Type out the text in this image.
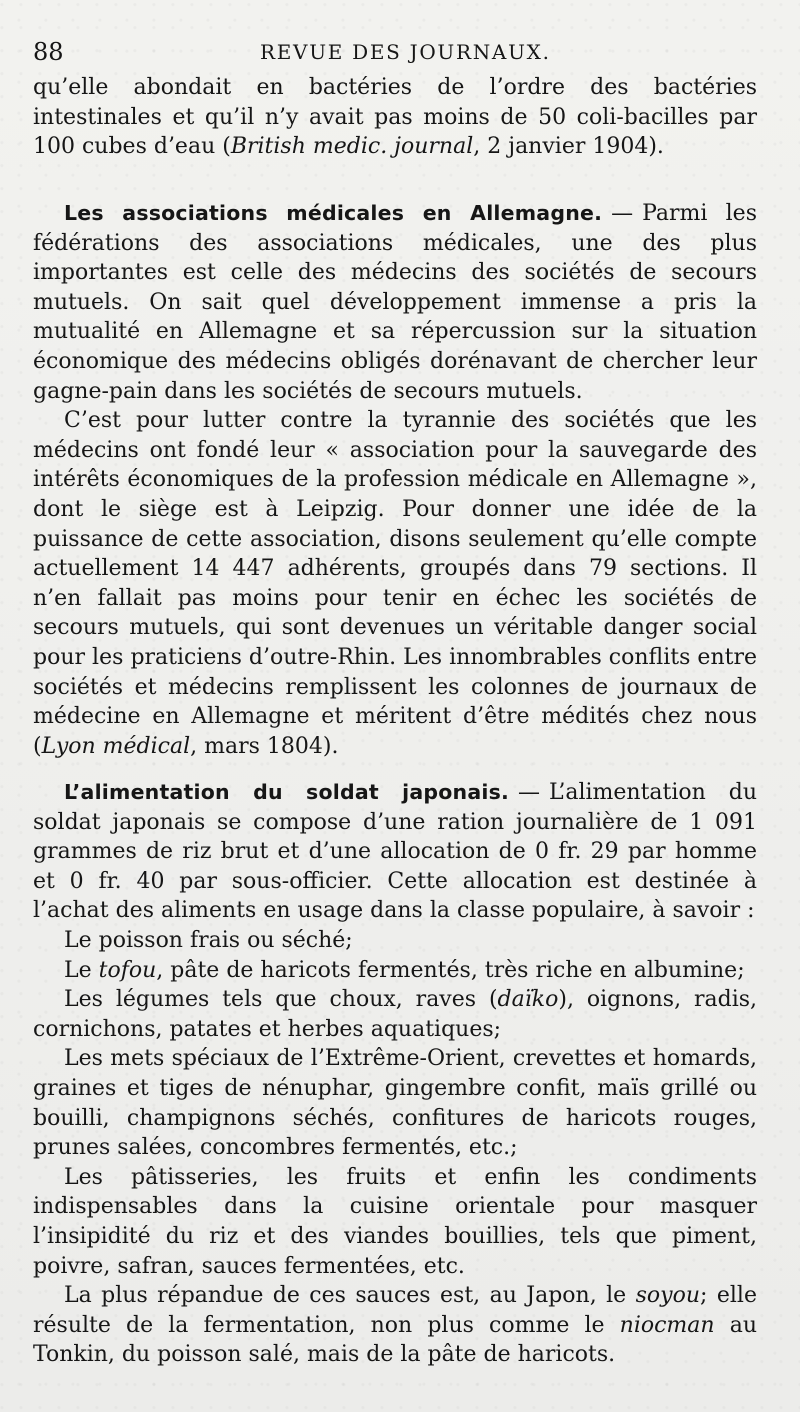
88	REVUE DES JOURNAUX.

qu’elle abondait en bactéries de l’ordre des bactéries intestinales et qu’il n’y avait pas moins de 50 coli-bacilles par 100 cubes d’eau (British medic. journal, 2 janvier 1904).

Les associations médicales en Allemagne. — Parmi les fédérations des associations médicales, une des plus importantes est celle des médecins des sociétés de secours mutuels. On sait quel développement immense a pris la mutualité en Allemagne et sa répercussion sur la situation économique des médecins obligés dorénavant de chercher leur gagne-pain dans les sociétés de secours mutuels.

C’est pour lutter contre la tyrannie des sociétés que les médecins ont fondé leur « association pour la sauvegarde des intérêts économiques de la profession médicale en Allemagne », dont le siège est à Leipzig. Pour donner une idée de la puissance de cette association, disons seulement qu’elle compte actuellement 14 447 adhérents, groupés dans 79 sections. Il n’en fallait pas moins pour tenir en échec les sociétés de secours mutuels, qui sont devenues un véritable danger social pour les praticiens d’outre-Rhin. Les innombrables conflits entre sociétés et médecins remplissent les colonnes de journaux de médecine en Allemagne et méritent d’être médités chez nous (Lyon médical, mars 1804).

L’alimentation du soldat japonais. — L’alimentation du soldat japonais se compose d’une ration journalière de 1 091 grammes de riz brut et d’une allocation de 0 fr. 29 par homme et 0 fr. 40 par sous-officier. Cette allocation est destinée à l’achat des aliments en usage dans la classe populaire, à savoir :

Le poisson frais ou séché;

Le tofou, pâte de haricots fermentés, très riche en albumine;

Les légumes tels que choux, raves (daïko), oignons, radis, cornichons, patates et herbes aquatiques;

Les mets spéciaux de l’Extrême-Orient, crevettes et homards, graines et tiges de nénuphar, gingembre confit, maïs grillé ou bouilli, champignons séchés, confitures de haricots rouges, prunes salées, concombres fermentés, etc.;

Les pâtisseries, les fruits et enfin les condiments indispensables dans la cuisine orientale pour masquer l’insipidité du riz et des viandes bouillies, tels que piment, poivre, safran, sauces fermentées, etc.

La plus répandue de ces sauces est, au Japon, le soyou; elle résulte de la fermentation, non plus comme le niocman au Tonkin, du poisson salé, mais de la pâte de haricots.
